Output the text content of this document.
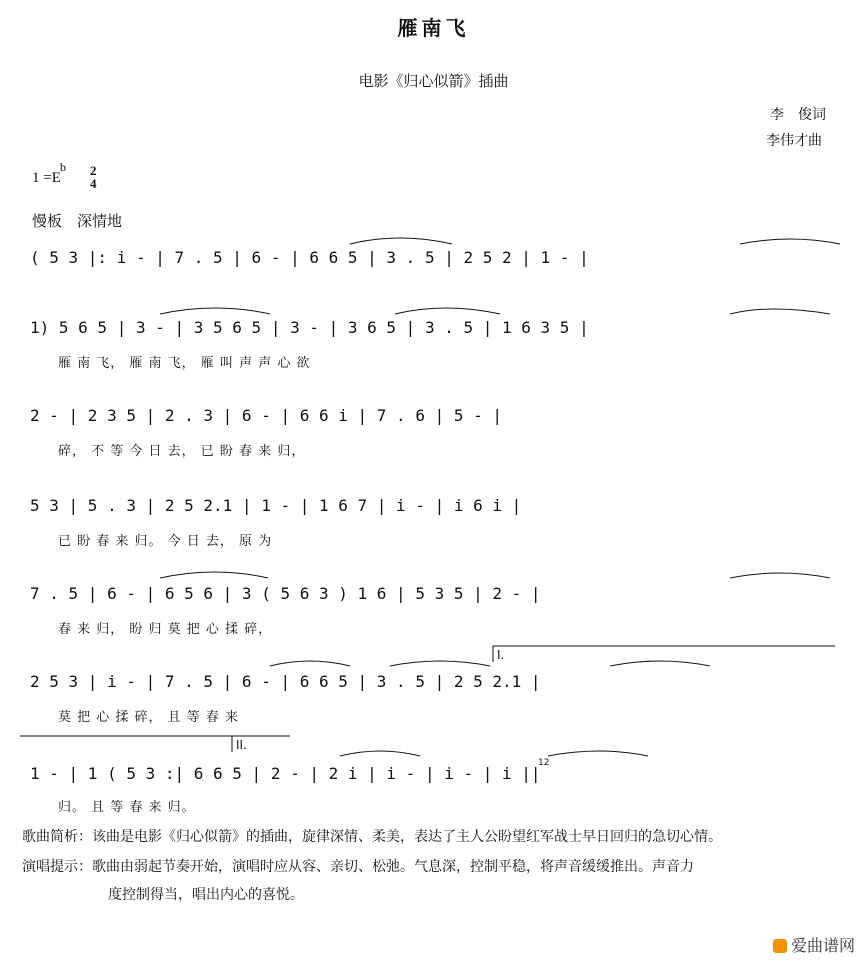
雁南飞
电影《归心似箭》插曲
李　俊词
李伟才曲
1 =E
b 2
4
慢板　深情地
( 5 3 |: i - | 7 . 5 | 6 - | 6 6 5 | 3 . 5 | 2 5 2 | 1 - |
1) 5 6 5 | 3 - | 3 5 6 5 | 3 - | 3 6 5 | 3 . 5 | 1 6 3 5 |
雁 南 飞， 雁 南 飞， 雁 叫 声 声 心 欲
2 - | 2 3 5 | 2 . 3 | 6 - | 6 6 i | 7 . 6 | 5 - |
碎， 不 等 今 日 去， 已 盼 春 来 归，
5 3 | 5 . 3 | 2 5 2.1 | 1 - | 1 6 7 | i - | i 6 i |
已 盼 春 来 归。 今 日 去， 原 为
7 . 5 | 6 - | 6 5 6 | 3 ( 5 6 3 ) 1 6 | 5 3 5 | 2 - |
春 来 归， 盼 归 莫 把 心 揉 碎，
I.
2 5 3 | i - | 7 . 5 | 6 - | 6 6 5 | 3 . 5 | 2 5 2.1 |
莫 把 心 揉 碎， 且 等 春 来
II.
12
1 - | 1 ( 5 3 :| 6 6 5 | 2 - | 2 i | i - | i - | i ||
归。 且 等 春 来 归。
歌曲简析：该曲是电影《归心似箭》的插曲，旋律深情、柔美，表达了主人公盼望红军战士早日回归的急切心情。
演唱提示：歌曲由弱起节奏开始，演唱时应从容、亲切、松弛。气息深，控制平稳，将声音缓缓推出。声音力
度控制得当，唱出内心的喜悦。
爱曲谱网
